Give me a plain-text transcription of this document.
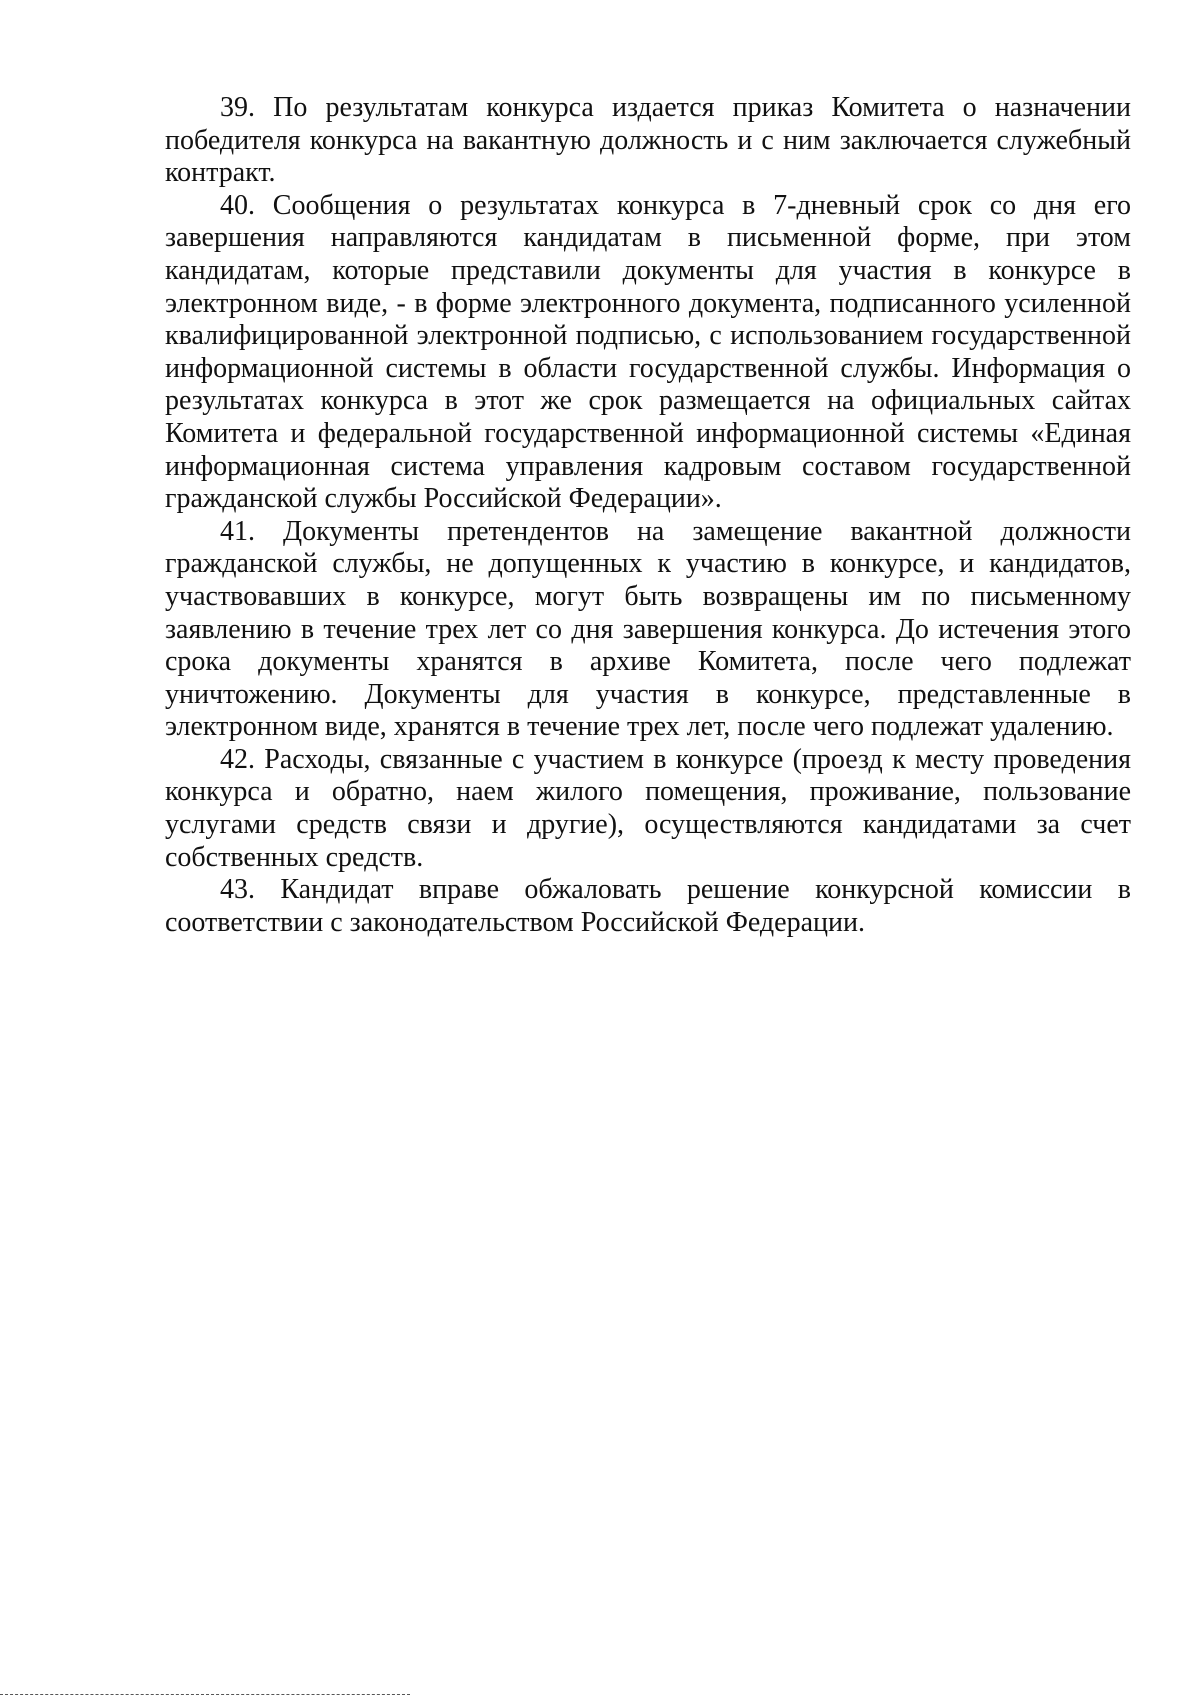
39. По результатам конкурса издается приказ Комитета о назначении победителя конкурса на вакантную должность и с ним заключается служебный контракт.

40. Сообщения о результатах конкурса в 7-дневный срок со дня его завершения направляются кандидатам в письменной форме, при этом кандидатам, которые представили документы для участия в конкурсе в электронном виде, - в форме электронного документа, подписанного усиленной квалифицированной электронной подписью, с использованием государственной информационной системы в области государственной службы. Информация о результатах конкурса в этот же срок размещается на официальных сайтах Комитета и федеральной государственной информационной системы «Единая информационная система управления кадровым составом государственной гражданской службы Российской Федерации».

41. Документы претендентов на замещение вакантной должности гражданской службы, не допущенных к участию в конкурсе, и кандидатов, участвовавших в конкурсе, могут быть возвращены им по письменному заявлению в течение трех лет со дня завершения конкурса. До истечения этого срока документы хранятся в архиве Комитета, после чего подлежат уничтожению. Документы для участия в конкурсе, представленные в электронном виде, хранятся в течение трех лет, после чего подлежат удалению.

42. Расходы, связанные с участием в конкурсе (проезд к месту проведения конкурса и обратно, наем жилого помещения, проживание, пользование услугами средств связи и другие), осуществляются кандидатами за счет собственных средств.

43. Кандидат вправе обжаловать решение конкурсной комиссии в соответствии с законодательством Российской Федерации.
